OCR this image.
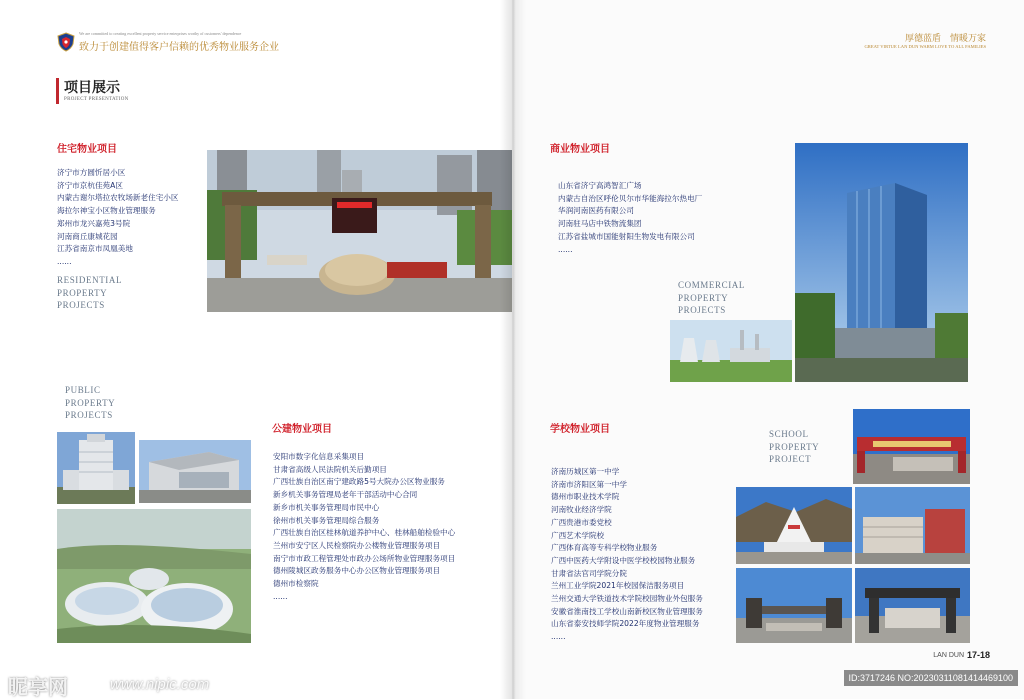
We are committed to creating excellent property service enterprises worthy of customers' dependence
致力于创建值得客户信赖的优秀物业服务企业
项目展示
PROJECT PRESENTATION
住宅物业项目
济宁市方圆忻居小区
济宁市京杭佳苑A区
内蒙古谢尔塔拉农牧场新老住宅小区
海拉尔神宝小区物业管理服务
郑州市龙兴嘉苑3号院
河南商丘康城花园
江苏省南京市凤凰美地
......
RESIDENTIAL
PROPERTY
PROJECTS
PUBLIC
PROPERTY
PROJECTS
公建物业项目
安阳市数字化信息采集项目
甘肃省高级人民法院机关后勤项目
广西壮族自治区南宁建政路5号大院办公区物业服务
新乡机关事务管理局老年干部活动中心合同
新乡市机关事务管理局市民中心
徐州市机关事务管理局综合服务
广西壮族自治区桂林航道养护中心、桂林船舶检验中心
兰州市安宁区人民检察院办公楼物业管理服务项目
南宁市市政工程管理处市政办公场所物业管理服务项目
德州陵城区政务服务中心办公区物业管理服务项目
德州市检察院
......
厚德蓝盾　情暖万家
GREAT VIRTUE LAN DUN WARM LOVE TO ALL FAMILIES
商业物业项目
山东省济宁高鸿智汇广场
内蒙古自治区呼伦贝尔市华能海拉尔热电厂
华润河南医药有限公司
河南驻马店中铁物流集团
江苏省盐城市国能射阳生物发电有限公司
......
COMMERCIAL
PROPERTY
PROJECTS
学校物业项目
济南历城区第一中学
济南市济阳区第一中学
德州市职业技术学院
河南牧业经济学院
广西贵港市委党校
广西艺术学院校
广西体育高等专科学校物业服务
广西中医药大学附设中医学校校园物业服务
甘肃省法官司学院分院
兰州工业学院2021年校园保洁服务项目
兰州交通大学铁道技术学院校园物业外包服务
安徽省淮南技工学校山南新校区物业管理服务
山东省泰安技师学院2022年度物业管理服务
......
SCHOOL
PROPERTY
PROJECT
LAN DUN 17-18
昵享网	www.nipic.com	ID:3717246 NO:20230311081414469100
